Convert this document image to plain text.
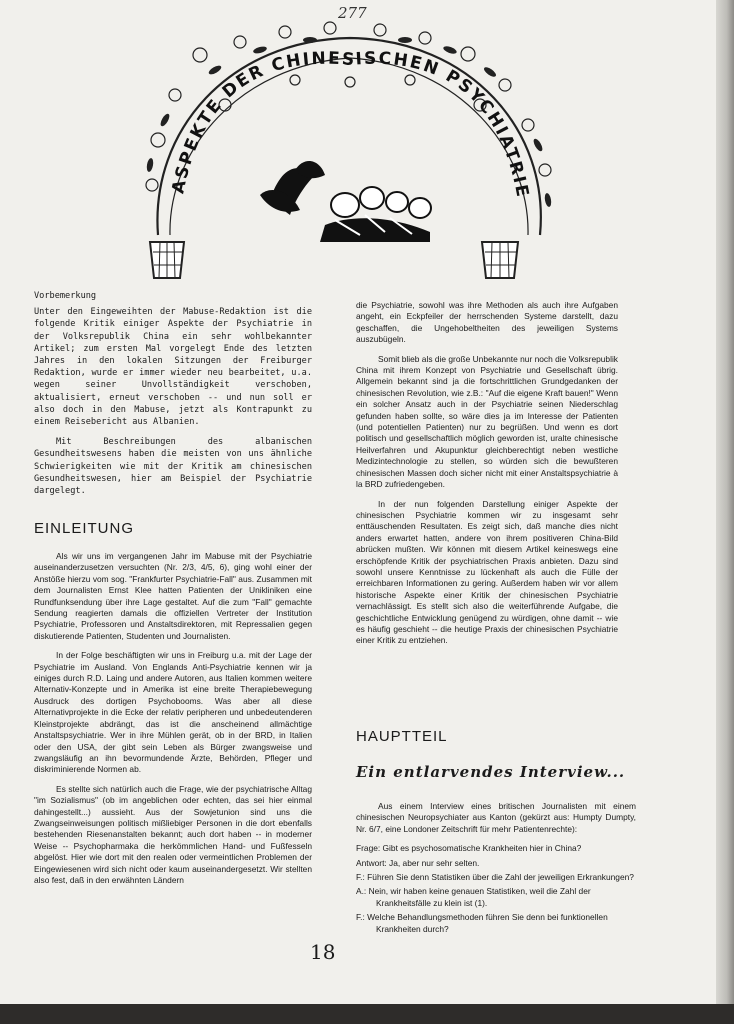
277
ASPEKTE DER CHINESISCHEN PSYCHIATRIE

Vorbemerkung

Unter den Eingeweihten der Mabuse-Redaktion ist die folgende Kritik einiger Aspekte der Psychiatrie in der Volksrepublik China ein sehr wohlbekannter Artikel; zum ersten Mal vorgelegt Ende des letzten Jahres in den lokalen Sitzungen der Freiburger Redaktion, wurde er immer wieder neu bearbeitet, u.a. wegen seiner Unvollständigkeit verschoben, aktualisiert, erneut verschoben -- und nun soll er also doch in den Mabuse, jetzt als Kontrapunkt zu einem Reisebericht aus Albanien.

Mit Beschreibungen des albanischen Gesundheitswesens haben die meisten von uns ähnliche Schwierigkeiten wie mit der Kritik am chinesischen Gesundheitswesen, hier am Beispiel der Psychiatrie dargelegt.

EINLEITUNG

Als wir uns im vergangenen Jahr im Mabuse mit der Psychiatrie auseinanderzusetzen versuchten (Nr. 2/3, 4/5, 6), ging wohl einer der Anstöße hierzu vom sog. "Frankfurter Psychiatrie-Fall" aus. Zusammen mit dem Journalisten Ernst Klee hatten Patienten der Unikliniken eine Rundfunksendung über ihre Lage gestaltet. Auf die zum "Fall" gemachte Sendung reagierten damals die offiziellen Vertreter der Institution Psychiatrie, Professoren und Anstaltsdirektoren, mit Repressalien gegen diskutierende Patienten, Studenten und Journalisten.

In der Folge beschäftigten wir uns in Freiburg u.a. mit der Lage der Psychiatrie im Ausland. Von Englands Anti-Psychiatrie kennen wir ja einiges durch R.D. Laing und andere Autoren, aus Italien kommen weitere Alternativ-Konzepte und in Amerika ist eine breite Therapiebewegung Ausdruck des dortigen Psychobooms. Was aber all diese Alternativprojekte in die Ecke der relativ peripheren und unbedeutenderen Kleinstprojekte abdrängt, das ist die anscheinend allmächtige Anstaltspsychiatrie. Wer in ihre Mühlen gerät, ob in der BRD, in Italien oder den USA, der gibt sein Leben als Bürger zwangsweise und zwangsläufig an ihn bevormundende Ärzte, Behörden, Pfleger und diskriminierende Normen ab.

Es stellte sich natürlich auch die Frage, wie der psychiatrische Alltag "im Sozialismus" (ob im angeblichen oder echten, das sei hier einmal dahingestellt...) aussieht. Aus der Sowjetunion sind uns die Zwangseinweisungen politisch mißliebiger Personen in die dort ebenfalls bestehenden Riesenanstalten bekannt; auch dort haben -- in moderner Weise -- Psychopharmaka die herkömmlichen Hand- und Fußfesseln abgelöst. Hier wie dort mit den realen oder vermeintlichen Problemen der Eingewiesenen wird sich nicht oder kaum auseinandergesetzt. Wir stellten also fest, daß in den erwähnten Ländern

die Psychiatrie, sowohl was ihre Methoden als auch ihre Aufgaben angeht, ein Eckpfeiler der herrschenden Systeme darstellt, dazu geschaffen, die Ungehobeltheiten des jeweiligen Systems auszubügeln.

Somit blieb als die große Unbekannte nur noch die Volksrepublik China mit ihrem Konzept von Psychiatrie und Gesellschaft übrig. Allgemein bekannt sind ja die fortschrittlichen Grundgedanken der chinesischen Revolution, wie z.B.: "Auf die eigene Kraft bauen!" Wenn ein solcher Ansatz auch in der Psychiatrie seinen Niederschlag gefunden haben sollte, so wäre dies ja im Interesse der Patienten (und potentiellen Patienten) nur zu begrüßen. Und wenn es dort politisch und gesellschaftlich möglich geworden ist, uralte chinesische Heilverfahren und Akupunktur gleichberechtigt neben westliche Medizintechnologie zu stellen, so würden sich die bewußteren chinesischen Massen doch sicher nicht mit einer Anstaltspsychiatrie à la BRD zufriedengeben.

In der nun folgenden Darstellung einiger Aspekte der chinesischen Psychiatrie kommen wir zu insgesamt sehr enttäuschenden Resultaten. Es zeigt sich, daß manche dies nicht anders erwartet hatten, andere von ihrem positiveren China-Bild abrücken mußten. Wir können mit diesem Artikel keineswegs eine erschöpfende Kritik der psychiatrischen Praxis anbieten. Dazu sind sowohl unsere Kenntnisse zu lückenhaft als auch die Fülle der erreichbaren Informationen zu gering. Außerdem haben wir vor allem historische Aspekte einer Kritik der chinesischen Psychiatrie vernachlässigt. Es stellt sich also die weiterführende Aufgabe, die geschichtliche Entwicklung genügend zu würdigen, ohne damit -- wie es häufig geschieht -- die heutige Praxis der chinesischen Psychiatrie einer Kritik zu entziehen.

HAUPTTEIL
Ein entlarvendes Interview...

Aus einem Interview eines britischen Journalisten mit einem chinesischen Neuropsychiater aus Kanton (gekürzt aus: Humpty Dumpty, Nr. 6/7, eine Londoner Zeitschrift für mehr Patientenrechte):

Frage: Gibt es psychosomatische Krankheiten hier in China?

Antwort: Ja, aber nur sehr selten.

F.: Führen Sie denn Statistiken über die Zahl der jeweiligen Erkrankungen?

A.: Nein, wir haben keine genauen Statistiken, weil die Zahl der Krankheitsfälle zu klein ist (1).

F.: Welche Behandlungsmethoden führen Sie denn bei funktionellen Krankheiten durch?

18
